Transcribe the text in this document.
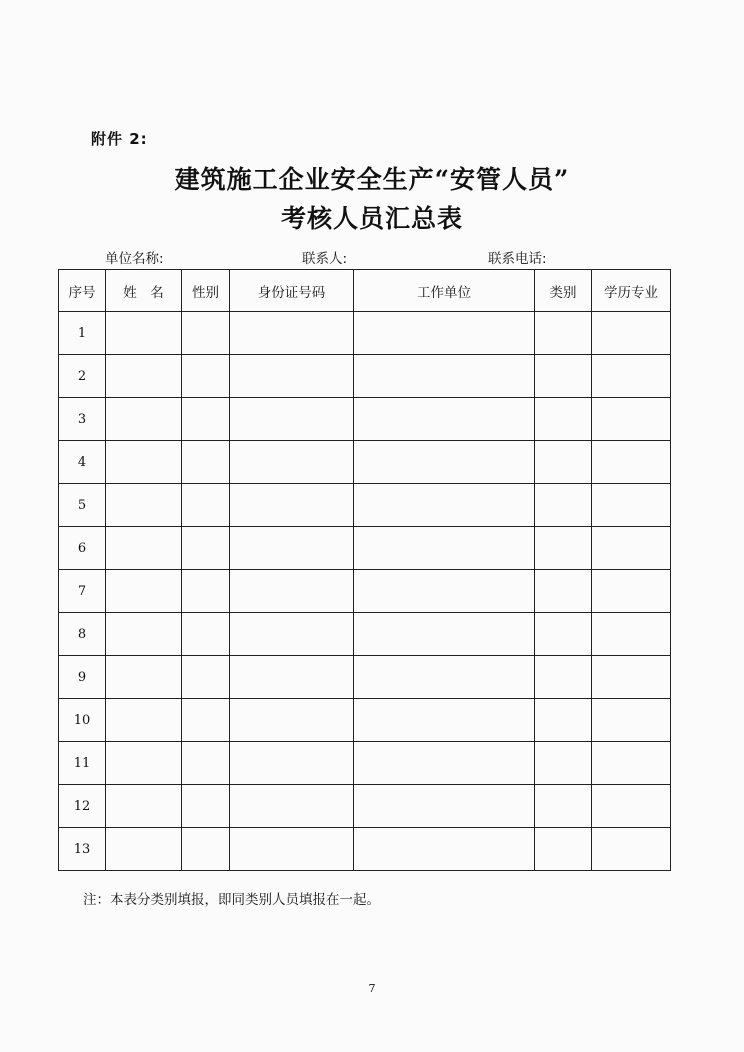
附件 2:
建筑施工企业安全生产“安管人员”
考核人员汇总表
单位名称:	联系人:	联系电话:
序号	姓　名	性别	身份证号码	工作单位	类别	学历专业
1						
2						
3						
4						
5						
6						
7						
8						
9						
10						
11						
12						
13						
注：本表分类别填报，即同类别人员填报在一起。
7
